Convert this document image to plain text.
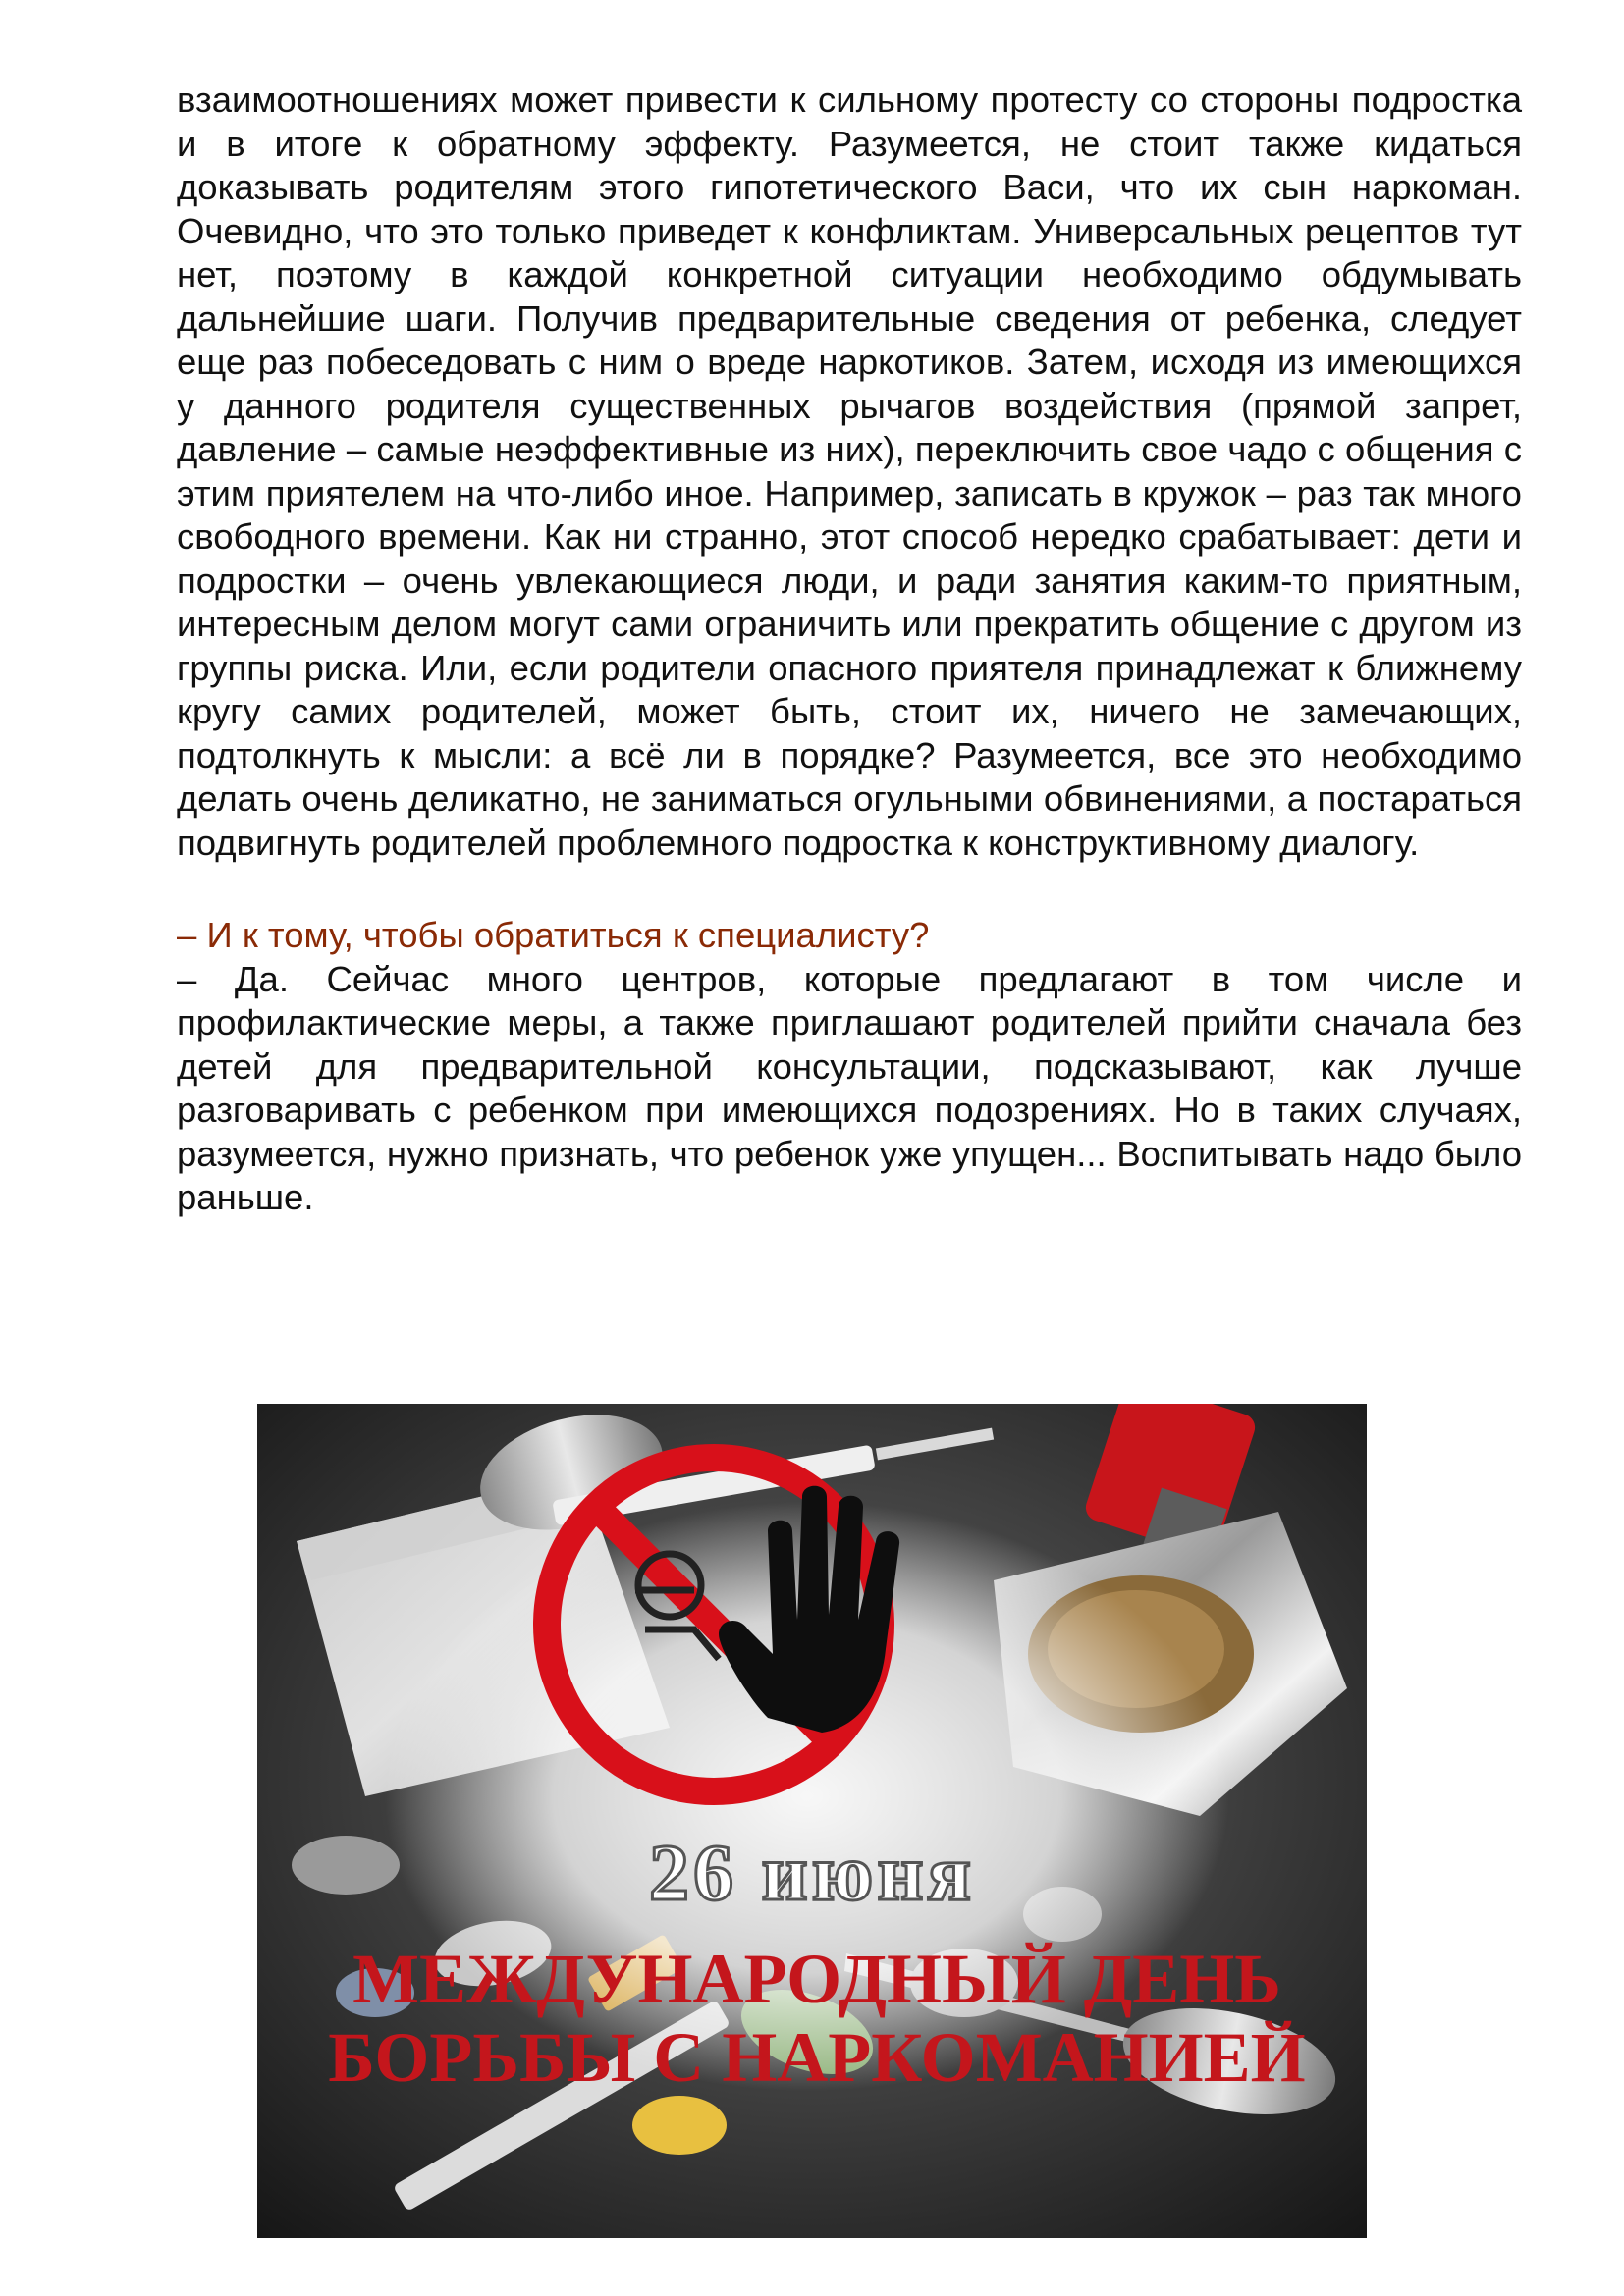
взаимоотношениях может привести к сильному протесту со стороны подростка и в итоге к обратному эффекту. Разумеется, не стоит также кидаться доказывать родителям этого гипотетического Васи, что их сын наркоман. Очевидно, что это только приведет к конфликтам. Универсальных рецептов тут нет, поэтому в каждой конкретной ситуации необходимо обдумывать дальнейшие шаги. Получив предварительные сведения от ребенка, следует еще раз побеседовать с ним о вреде наркотиков. Затем, исходя из имеющихся у данного родителя существенных рычагов воздействия (прямой запрет, давление – самые неэффективные из них), переключить свое чадо с общения с этим приятелем на что-либо иное. Например, записать в кружок – раз так много свободного времени. Как ни странно, этот способ нередко срабатывает: дети и подростки – очень увлекающиеся люди, и ради занятия каким-то приятным, интересным делом могут сами ограничить или прекратить общение с другом из группы риска. Или, если родители опасного приятеля принадлежат к ближнему кругу самих родителей, может быть, стоит их, ничего не замечающих, подтолкнуть к мысли: а всё ли в порядке? Разумеется, все это необходимо делать очень деликатно, не заниматься огульными обвинениями, а постараться подвигнуть родителей проблемного подростка к конструктивному диалогу.

– И к тому, чтобы обратиться к специалисту?

– Да. Сейчас много центров, которые предлагают в том числе и профилактические меры, а также приглашают родителей прийти сначала без детей для предварительной консультации, подсказывают, как лучше разговаривать с ребенком при имеющихся подозрениях. Но в таких случаях, разумеется, нужно признать, что ребенок уже упущен... Воспитывать надо было раньше.

26 июня
МЕЖДУНАРОДНЫЙ ДЕНЬ
БОРЬБЫ С НАРКОМАНИЕЙ
